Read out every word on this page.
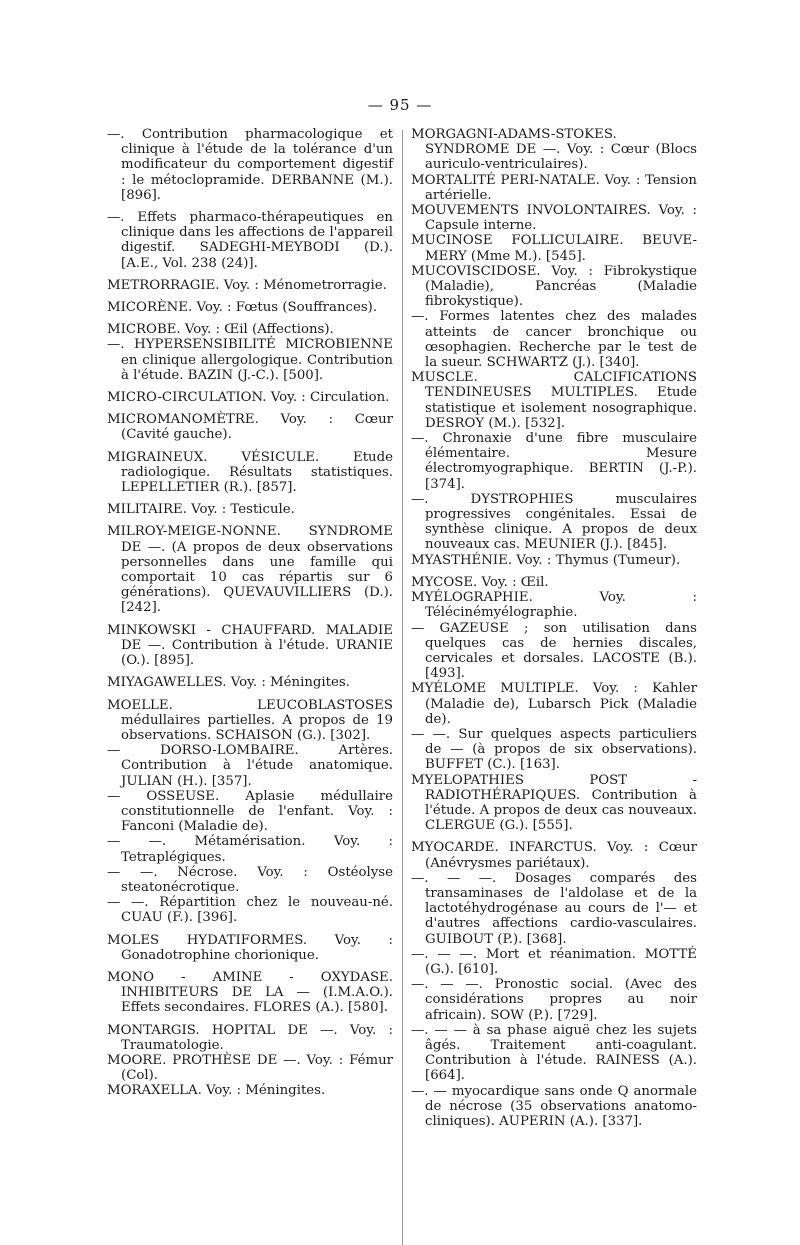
— 95 —

—. Contribution pharmacologique et clinique à l'étude de la tolérance d'un modificateur du comportement digestif : le métoclopramide. DERBANNE (M.). [896].

—. Effets pharmaco-thérapeutiques en clinique dans les affections de l'appareil digestif. SADEGHI-MEYBODI (D.). [A.E., Vol. 238 (24)].

METRORRAGIE. Voy. : Ménometrorragie.

MICORÈNE. Voy. : Fœtus (Souffrances).

MICROBE. Voy. : Œil (Affections).

—. HYPERSENSIBILITÉ MICROBIENNE en clinique allergologique. Contribution à l'étude. BAZIN (J.-C.). [500].

MICRO-CIRCULATION. Voy. : Circulation.

MICROMANOMÈTRE. Voy. : Cœur (Cavité gauche).

MIGRAINEUX. VÉSICULE. Etude radiologique. Résultats statistiques. LEPELLETIER (R.). [857].

MILITAIRE. Voy. : Testicule.

MILROY-MEIGE-NONNE. SYNDROME DE —. (A propos de deux observations personnelles dans une famille qui comportait 10 cas répartis sur 6 générations). QUEVAUVILLIERS (D.). [242].

MINKOWSKI - CHAUFFARD. MALADIE DE —. Contribution à l'étude. URANIE (O.). [895].

MIYAGAWELLES. Voy. : Méningites.

MOELLE. LEUCOBLASTOSES médullaires partielles. A propos de 19 observations. SCHAISON (G.). [302].

— DORSO-LOMBAIRE. Artères. Contribution à l'étude anatomique. JULIAN (H.). [357].

— OSSEUSE. Aplasie médullaire constitutionnelle de l'enfant. Voy. : Fanconi (Maladie de).

— —. Métamérisation. Voy. : Tetraplégiques.

— —. Nécrose. Voy. : Ostéolyse steatonécrotique.

— —. Répartition chez le nouveau-né. CUAU (F.). [396].

MOLES HYDATIFORMES. Voy. : Gonadotrophine chorionique.

MONO - AMINE - OXYDASE. INHIBITEURS DE LA — (I.M.A.O.). Effets secondaires. FLORES (A.). [580].

MONTARGIS. HOPITAL DE —. Voy. : Traumatologie.

MOORE. PROTHÈSE DE —. Voy. : Fémur (Col).

MORAXELLA. Voy. : Méningites.

MORGAGNI-ADAMS-STOKES. SYNDROME DE —. Voy. : Cœur (Blocs auriculo-ventriculaires).

MORTALITÉ PERI-NATALE. Voy. : Tension artérielle.

MOUVEMENTS INVOLONTAIRES. Voy. : Capsule interne.

MUCINOSE FOLLICULAIRE. BEUVE-MERY (Mme M.). [545].

MUCOVISCIDOSE. Voy. : Fibrokystique (Maladie), Pancréas (Maladie fibrokystique).

—. Formes latentes chez des malades atteints de cancer bronchique ou œsophagien. Recherche par le test de la sueur. SCHWARTZ (J.). [340].

MUSCLE. CALCIFICATIONS TENDINEUSES MULTIPLES. Etude statistique et isolement nosographique. DESROY (M.). [532].

—. Chronaxie d'une fibre musculaire élémentaire. Mesure électromyographique. BERTIN (J.-P.). [374].

—. DYSTROPHIES musculaires progressives congénitales. Essai de synthèse clinique. A propos de deux nouveaux cas. MEUNIER (J.). [845].

MYASTHÉNIE. Voy. : Thymus (Tumeur).

MYCOSE. Voy. : Œil.

MYÉLOGRAPHIE. Voy. : Télécinémyélographie.

— GAZEUSE ; son utilisation dans quelques cas de hernies discales, cervicales et dorsales. LACOSTE (B.). [493].

MYÉLOME MULTIPLE. Voy. : Kahler (Maladie de), Lubarsch Pick (Maladie de).

— —. Sur quelques aspects particuliers de — (à propos de six observations). BUFFET (C.). [163].

MYELOPATHIES POST - RADIOTHÉRAPIQUES. Contribution à l'étude. A propos de deux cas nouveaux. CLERGUE (G.). [555].

MYOCARDE. INFARCTUS. Voy. : Cœur (Anévrysmes pariétaux).

—. — —. Dosages comparés des transaminases de l'aldolase et de la lactotéhydrogénase au cours de l'— et d'autres affections cardio-vasculaires. GUIBOUT (P.). [368].

—. — —. Mort et réanimation. MOTTÉ (G.). [610].

—. — —. Pronostic social. (Avec des considérations propres au noir africain). SOW (P.). [729].

—. — — à sa phase aiguë chez les sujets âgés. Traitement anti-coagulant. Contribution à l'étude. RAINESS (A.). [664].

—. — myocardique sans onde Q anormale de nécrose (35 observations anatomo-cliniques). AUPERIN (A.). [337].
